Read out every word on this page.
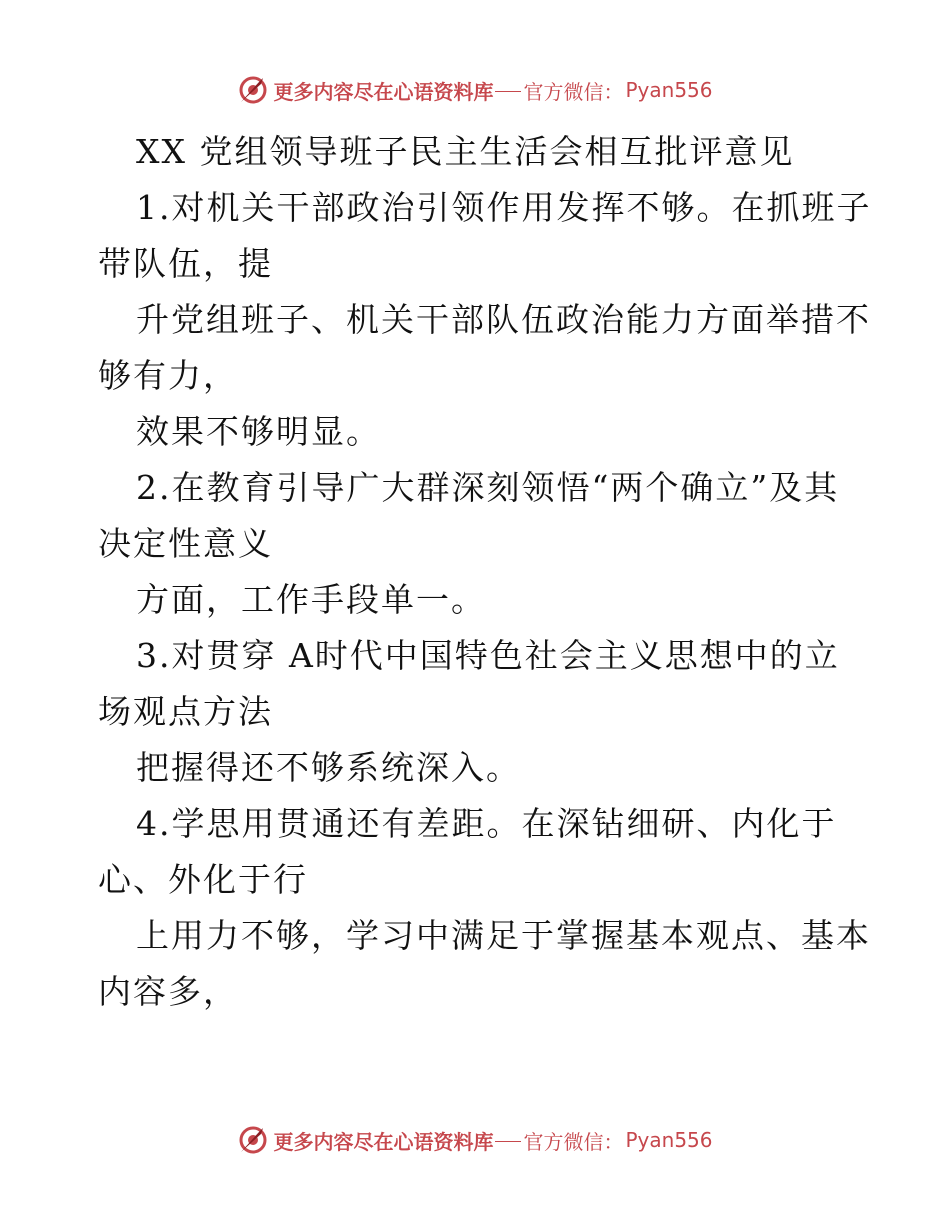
更多内容尽在心语资料库 官方微信： Pyan556
XX 党组领导班子民主生活会相互批评意见
1.对机关干部政治引领作用发挥不够。在抓班子
带队伍，提
升党组班子、机关干部队伍政治能力方面举措不
够有力，
效果不够明显。
2.在教育引导广大群深刻领悟“两个确立”及其
决定性意义
方面，工作手段单一。
3.对贯穿 A时代中国特色社会主义思想中的立
场观点方法
把握得还不够系统深入。
4.学思用贯通还有差距。在深钻细研、内化于
心、外化于行
上用力不够，学习中满足于掌握基本观点、基本
内容多，
更多内容尽在心语资料库 官方微信： Pyan556
